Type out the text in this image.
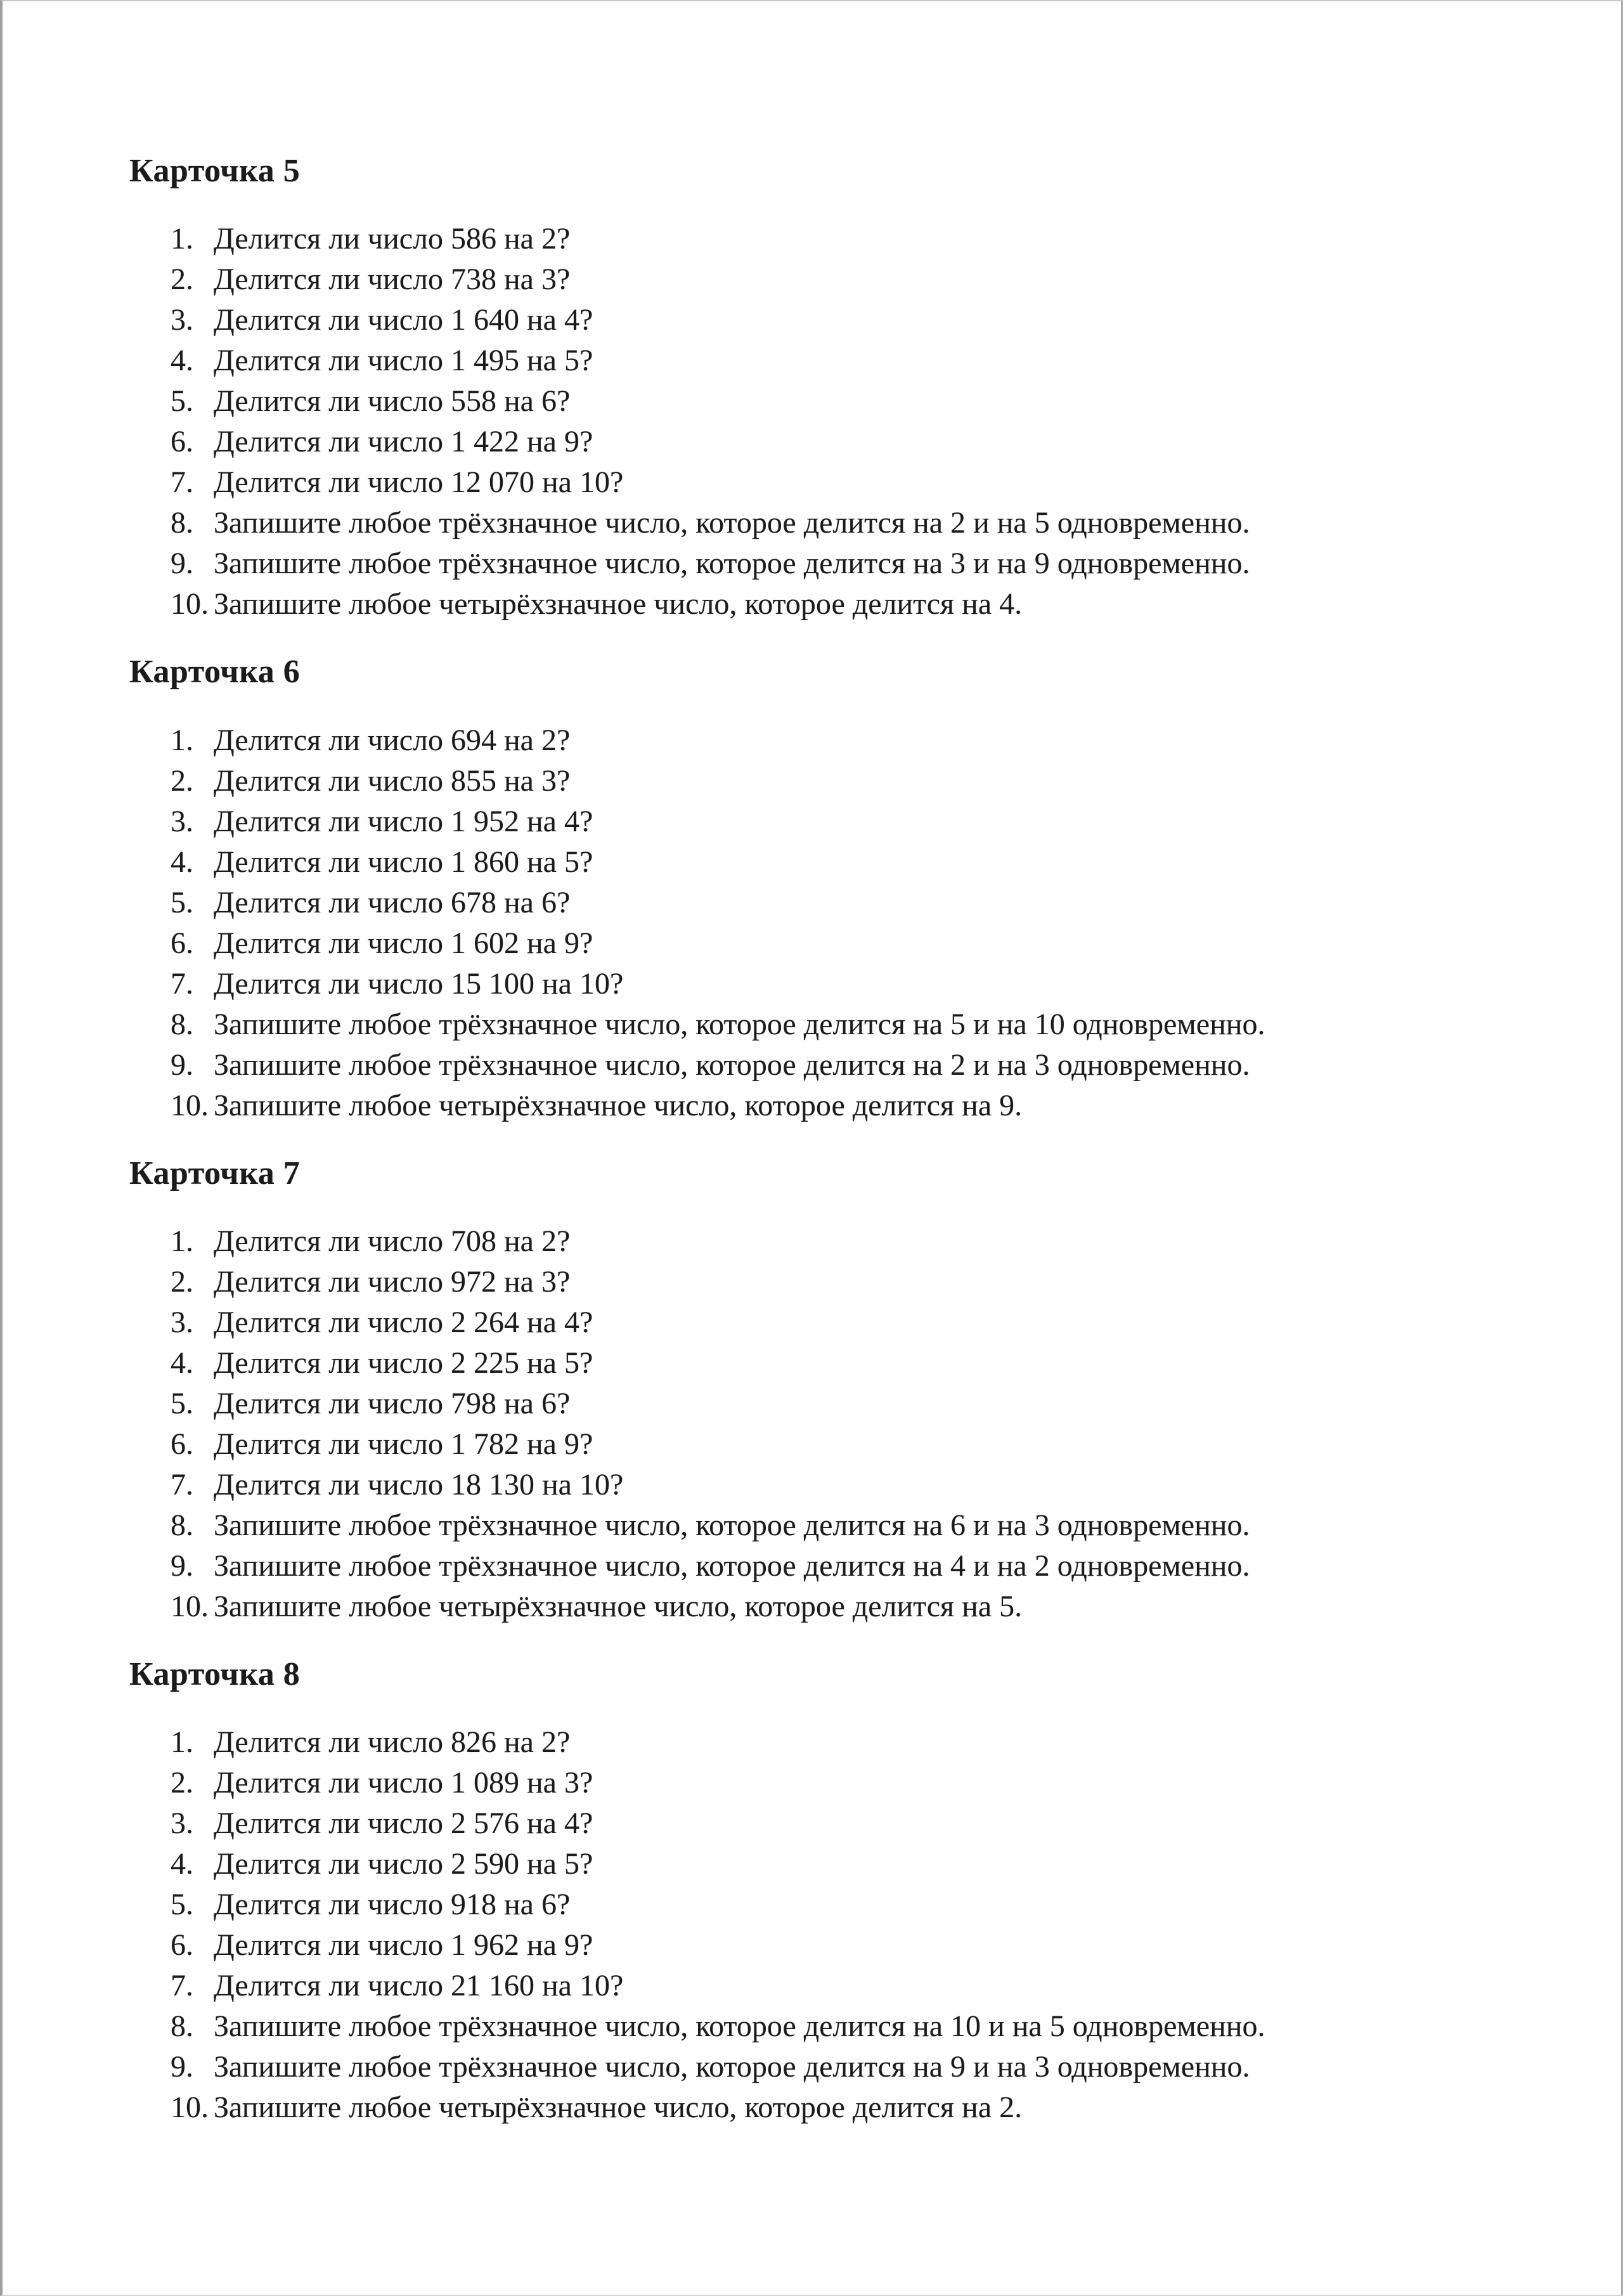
Карточка 5
1. Делится ли число 586 на 2?
2. Делится ли число 738 на 3?
3. Делится ли число 1 640 на 4?
4. Делится ли число 1 495 на 5?
5. Делится ли число 558 на 6?
6. Делится ли число 1 422 на 9?
7. Делится ли число 12 070 на 10?
8. Запишите любое трёхзначное число, которое делится на 2 и на 5 одновременно.
9. Запишите любое трёхзначное число, которое делится на 3 и на 9 одновременно.
10. Запишите любое четырёхзначное число, которое делится на 4.
Карточка 6
1. Делится ли число 694 на 2?
2. Делится ли число 855 на 3?
3. Делится ли число 1 952 на 4?
4. Делится ли число 1 860 на 5?
5. Делится ли число 678 на 6?
6. Делится ли число 1 602 на 9?
7. Делится ли число 15 100 на 10?
8. Запишите любое трёхзначное число, которое делится на 5 и на 10 одновременно.
9. Запишите любое трёхзначное число, которое делится на 2 и на 3 одновременно.
10. Запишите любое четырёхзначное число, которое делится на 9.
Карточка 7
1. Делится ли число 708 на 2?
2. Делится ли число 972 на 3?
3. Делится ли число 2 264 на 4?
4. Делится ли число 2 225 на 5?
5. Делится ли число 798 на 6?
6. Делится ли число 1 782 на 9?
7. Делится ли число 18 130 на 10?
8. Запишите любое трёхзначное число, которое делится на 6 и на 3 одновременно.
9. Запишите любое трёхзначное число, которое делится на 4 и на 2 одновременно.
10. Запишите любое четырёхзначное число, которое делится на 5.
Карточка 8
1. Делится ли число 826 на 2?
2. Делится ли число 1 089 на 3?
3. Делится ли число 2 576 на 4?
4. Делится ли число 2 590 на 5?
5. Делится ли число 918 на 6?
6. Делится ли число 1 962 на 9?
7. Делится ли число 21 160 на 10?
8. Запишите любое трёхзначное число, которое делится на 10 и на 5 одновременно.
9. Запишите любое трёхзначное число, которое делится на 9 и на 3 одновременно.
10. Запишите любое четырёхзначное число, которое делится на 2.
